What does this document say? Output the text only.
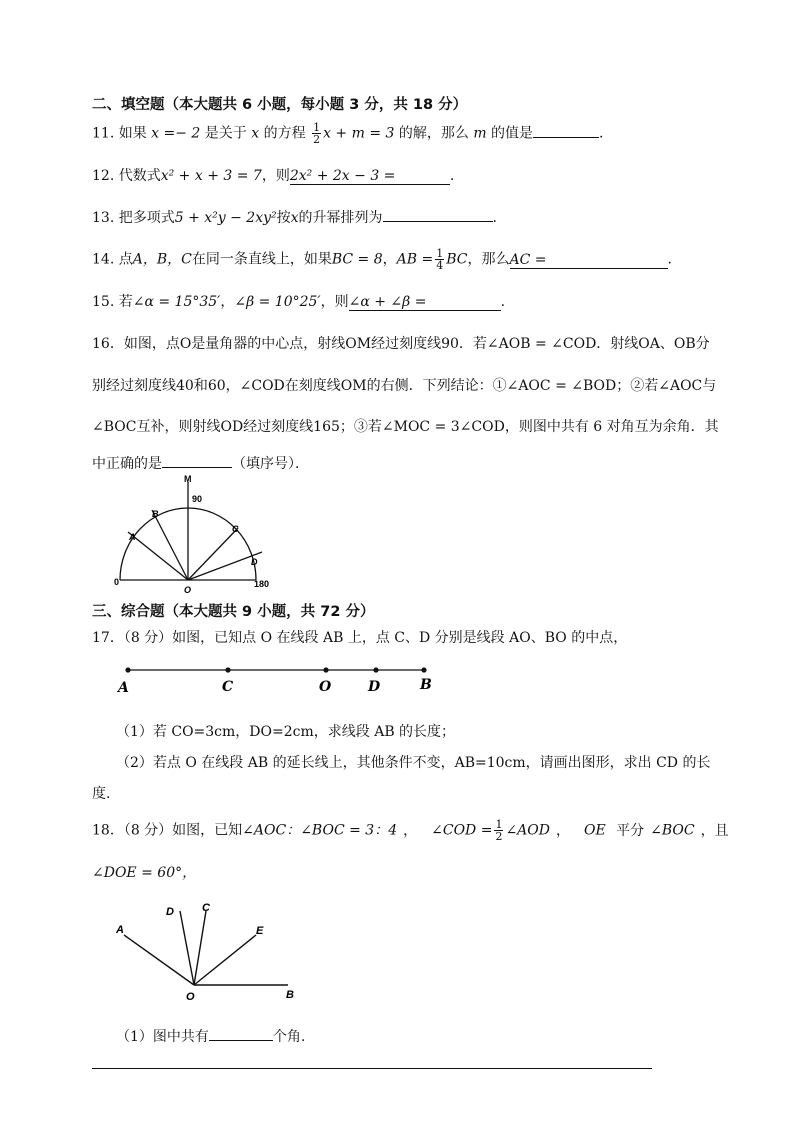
二、填空题（本大题共 6 小题，每小题 3 分，共 18 分）
11. 如果 x =− 2 是关于 x 的方程 $\frac{1}{2}$ x + m = 3 的解，那么 m 的值是	.
12. 代数式x² + x + 3 = 7，则2x² + 2x − 3 =	.
13. 把多项式5 + x²y − 2xy²按x的升幂排列为	.
14. 点A，B，C在同一条直线上，如果BC = 8，AB = $\frac{1}{4}$ BC，那么AC =	.
15. 若∠α = 15°35′，∠β = 10°25′，则∠α + ∠β =	.
16．如图，点O是量角器的中心点，射线OM经过刻度线90．若∠AOB = ∠COD．射线OA、OB分
别经过刻度线40和60，∠COD在刻度线OM的右侧．下列结论：①∠AOC = ∠BOD；②若∠AOC与
∠BOC互补，则射线OD经过刻度线165；③若∠MOC = 3∠COD，则图中共有 6 对角互为余角．其
中正确的是	（填序号）．
M
90
B
A
C
D
0	180
O
三、综合题（本大题共 9 小题，共 72 分）
17．（8 分）如图，已知点 O 在线段 AB 上，点 C、D 分别是线段 AO、BO 的中点，
A	C	O	D	B
（1）若 CO=3cm，DO=2cm，求线段 AB 的长度；
（2）若点 O 在线段 AB 的延长线上，其他条件不变，AB=10cm，请画出图形，求出 CD 的长
度.
18．（8 分）如图，已知∠AOC：∠BOC = 3：4 ， ∠COD = $\frac{1}{2}$ ∠AOD ， OE 平分 ∠BOC ，且
∠DOE = 60°，
A
D	C
E
O	B
（1）图中共有	个角.
